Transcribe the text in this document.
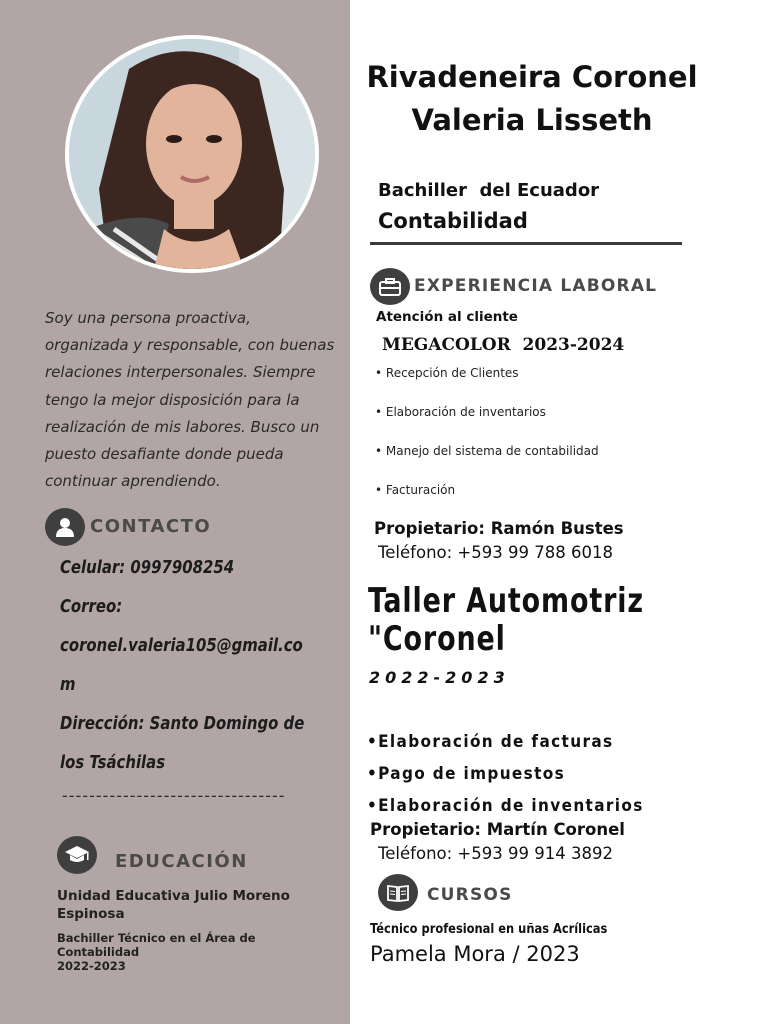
Soy una persona proactiva, organizada y responsable, con buenas relaciones interpersonales. Siempre tengo la mejor disposición para la realización de mis labores. Busco un puesto desafiante donde pueda continuar aprendiendo.
CONTACTO
Celular: 0997908254
Correo:
coronel.valeria105@gmail.co
m
Dirección: Santo Domingo de
los Tsáchilas
---------------------------------
EDUCACIÓN
Unidad Educativa Julio Moreno Espinosa
Bachiller Técnico en el Área de Contabilidad
2022-2023
Rivadeneira Coronel
Valeria Lisseth
Bachiller  del Ecuador
Contabilidad
EXPERIENCIA LABORAL
Atención al cliente
MEGACOLOR  2023-2024
• Recepción de Clientes
• Elaboración de inventarios
• Manejo del sistema de contabilidad
• Facturación
Propietario: Ramón Bustes
Teléfono: +593 99 788 6018
Taller Automotriz
"Coronel
2022-2023
•Elaboración de facturas
•Pago de impuestos
•Elaboración de inventarios
Propietario: Martín Coronel
Teléfono: +593 99 914 3892
CURSOS
Técnico profesional en uñas Acrílicas
Pamela Mora / 2023
